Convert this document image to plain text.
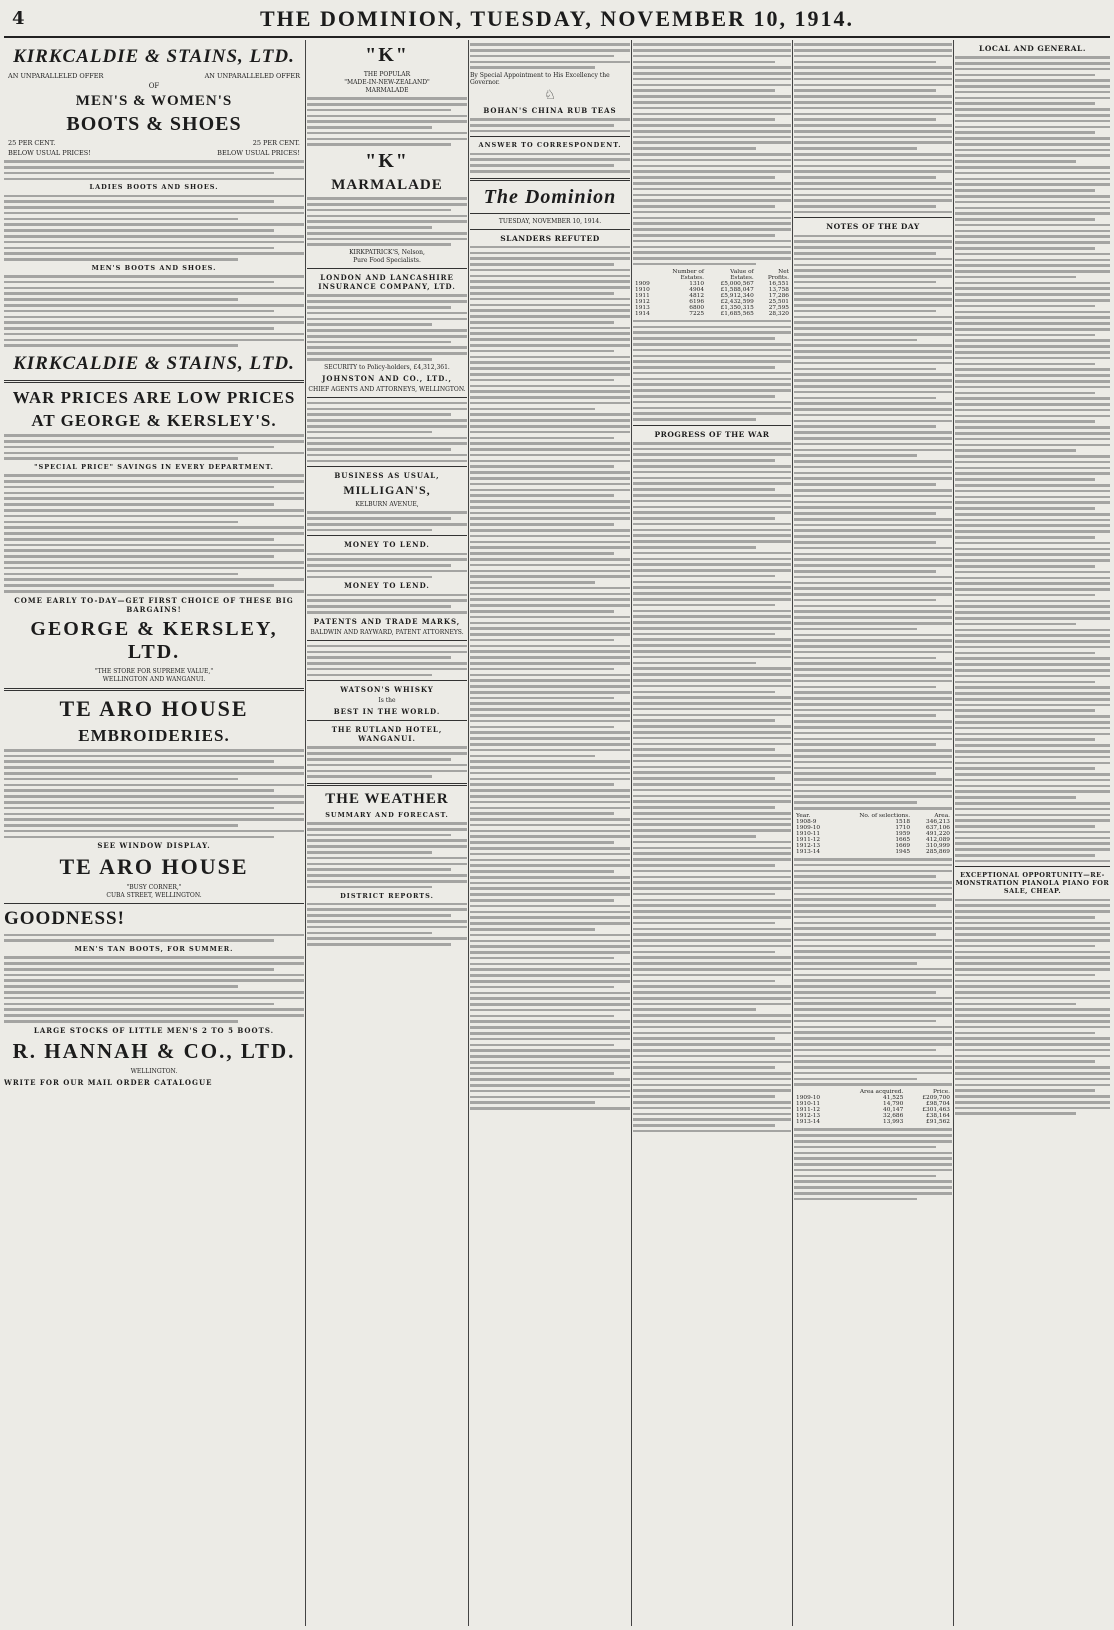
4	THE DOMINION, TUESDAY, NOVEMBER 10, 1914.
KIRKCALDIE & STAINS, LTD.
AN UNPARALLELED OFFER	AN UNPARALLELED OFFER
OF
MEN'S & WOMEN'S
BOOTS & SHOES
25 PER CENT.	25 PER CENT.
BELOW USUAL PRICES!	BELOW USUAL PRICES!
LADIES BOOTS AND SHOES.
MEN'S BOOTS AND SHOES.
KIRKCALDIE & STAINS, LTD.
WAR PRICES ARE LOW PRICES
AT GEORGE & KERSLEY'S.
"SPECIAL PRICE" SAVINGS IN EVERY DEPARTMENT.
COME EARLY TO-DAY—GET FIRST CHOICE OF THESE BIG BARGAINS!
GEORGE & KERSLEY, LTD.
"THE STORE FOR SUPREME VALUE,"
WELLINGTON AND WANGANUI.
TE ARO HOUSE
EMBROIDERIES.
SEE WINDOW DISPLAY.
TE ARO HOUSE
"BUSY CORNER,"
CUBA STREET, WELLINGTON.
GOODNESS!
MEN'S TAN BOOTS, FOR SUMMER.
LARGE STOCKS OF LITTLE MEN'S 2 TO 5 BOOTS.
R. HANNAH & CO., LTD.
WELLINGTON.
WRITE FOR OUR MAIL ORDER CATALOGUE
"K"
THE POPULAR
"MADE-IN-NEW-ZEALAND"
MARMALADE
"K"
MARMALADE
KIRKPATRICK'S, Nelson,
Pure Food Specialists.
LONDON AND LANCASHIRE INSURANCE COMPANY, LTD.
SECURITY to Policy-holders, £4,312,361.
JOHNSTON AND CO., LTD.,
CHIEF AGENTS AND ATTORNEYS, WELLINGTON.
BUSINESS AS USUAL,
MILLIGAN'S,
KELBURN AVENUE,
MONEY TO LEND.
MONEY TO LEND.
PATENTS AND TRADE MARKS,
BALDWIN AND RAYWARD, PATENT ATTORNEYS.
WATSON'S WHISKY
Is the
BEST IN THE WORLD.
THE RUTLAND HOTEL, WANGANUI.
THE WEATHER
SUMMARY AND FORECAST.
DISTRICT REPORTS.
By Special Appointment to His Excellency the Governor.
♘
BOHAN'S CHINA RUB TEAS
ANSWER TO CORRESPONDENT.
The Dominion
TUESDAY, NOVEMBER 10, 1914.
SLANDERS REFUTED
	Number of Estates.	Value of Estates.	Net Profits.
1909	1310	£5,000,567	16,551
1910	4904	£1,588,047	13,758
1911	4812	£5,912,340	17,286
1912	6196	£2,432,599	25,501
1913	6800	£1,350,315	27,595
1914	7225	£1,685,565	28,320
PROGRESS OF THE WAR
NOTES OF THE DAY
Year.	No. of selections.	Area.
1908-9	1518	346,213
1909-10	1710	637,106
1910-11	1959	491,220
1911-12	1665	412,089
1912-13	1669	310,999
1913-14	1945	285,869
	Area acquired.	Price.
1909-10	41,525	£209,700
1910-11	14,790	£98,704
1911-12	40,147	£301,463
1912-13	32,686	£38,164
1913-14	13,993	£91,562
LOCAL AND GENERAL.
EXCEPTIONAL OPPORTUNITY—RE-MONSTRATION PIANOLA PIANO FOR SALE, CHEAP.
